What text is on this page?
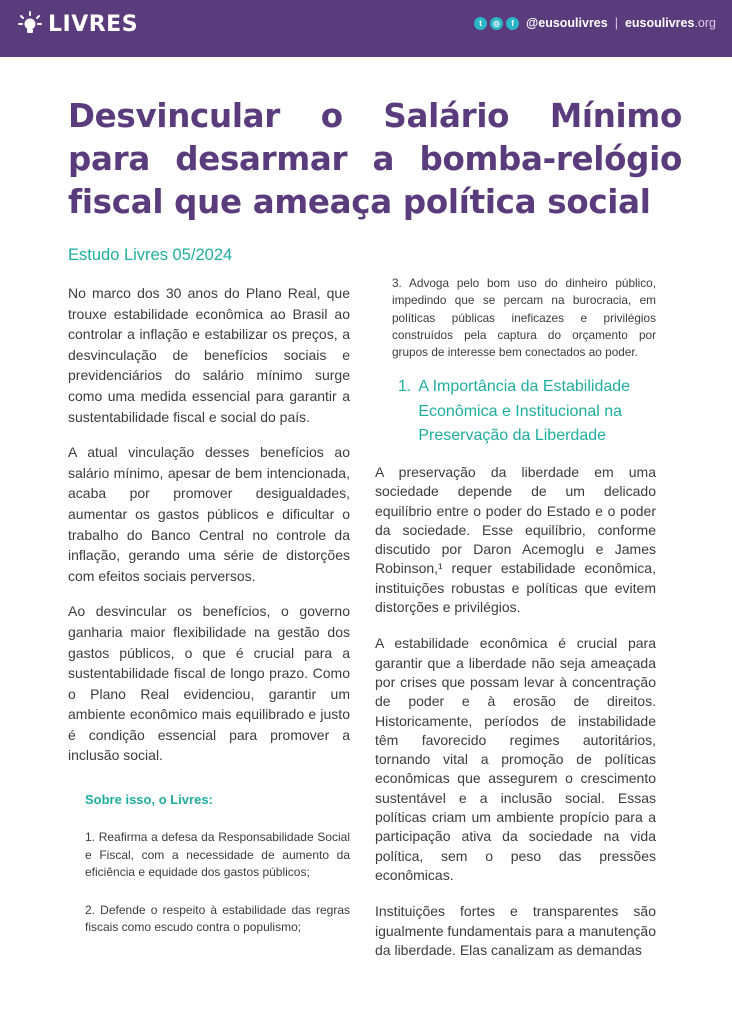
LIVRES	t	◎	f @eusoulivres | eusoulivres.org
Desvincular o Salário Mínimo para desarmar a bomba-relógio fiscal que ameaça política social
Estudo Livres 05/2024

No marco dos 30 anos do Plano Real, que trouxe estabilidade econômica ao Brasil ao controlar a inflação e estabilizar os preços, a desvinculação de benefícios sociais e previdenciários do salário mínimo surge como uma medida essencial para garantir a sustentabilidade fiscal e social do país.

A atual vinculação desses benefícios ao salário mínimo, apesar de bem intencionada, acaba por promover desigualdades, aumentar os gastos públicos e dificultar o trabalho do Banco Central no controle da inflação, gerando uma série de distorções com efeitos sociais perversos.

Ao desvincular os benefícios, o governo ganharia maior flexibilidade na gestão dos gastos públicos, o que é crucial para a sustentabilidade fiscal de longo prazo. Como o Plano Real evidenciou, garantir um ambiente econômico mais equilibrado e justo é condição essencial para promover a inclusão social.

Sobre isso, o Livres:

1. Reafirma a defesa da Responsabilidade Social e Fiscal, com a necessidade de aumento da eficiência e equidade dos gastos públicos;

2. Defende o respeito à estabilidade das regras fiscais como escudo contra o populismo;

3. Advoga pelo bom uso do dinheiro público, impedindo que se percam na burocracia, em políticas públicas ineficazes e privilégios construídos pela captura do orçamento por grupos de interesse bem conectados ao poder.

1. A Importância da Estabilidade Econômica e Institucional na Preservação da Liberdade

A preservação da liberdade em uma sociedade depende de um delicado equilíbrio entre o poder do Estado e o poder da sociedade. Esse equilíbrio, conforme discutido por Daron Acemoglu e James Robinson,¹ requer estabilidade econômica, instituições robustas e políticas que evitem distorções e privilégios.

A estabilidade econômica é crucial para garantir que a liberdade não seja ameaçada por crises que possam levar à concentração de poder e à erosão de direitos. Historicamente, períodos de instabilidade têm favorecido regimes autoritários, tornando vital a promoção de políticas econômicas que assegurem o crescimento sustentável e a inclusão social. Essas políticas criam um ambiente propício para a participação ativa da sociedade na vida política, sem o peso das pressões econômicas.

Instituições fortes e transparentes são igualmente fundamentais para a manutenção da liberdade. Elas canalizam as demandas
